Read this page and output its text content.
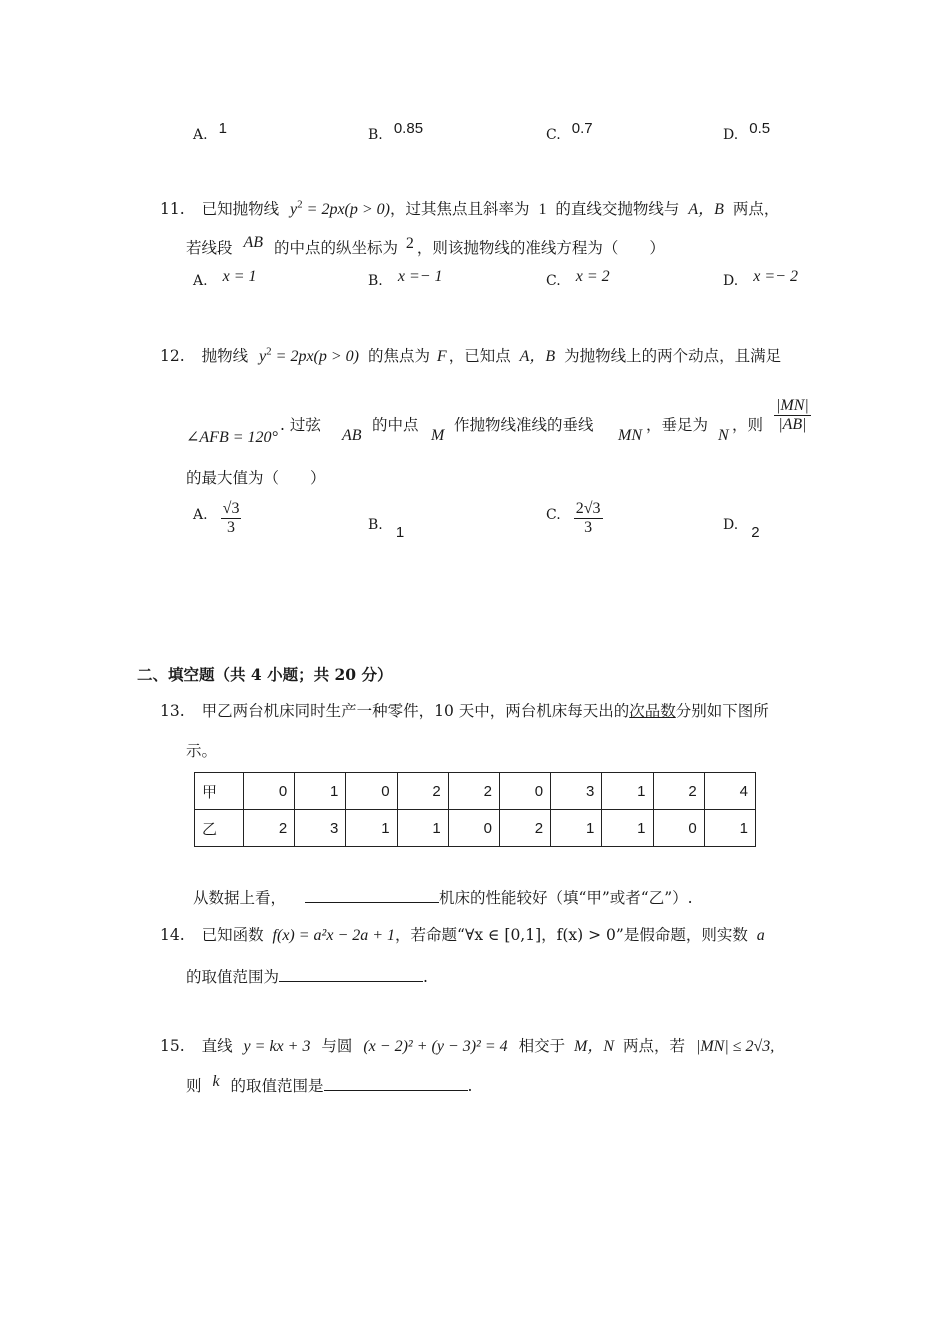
A. 1	B. 0.85	C. 0.7	D. 0.5
11. 已知抛物线 $y^2 = 2px(p > 0)$，过其焦点且斜率为 1 的直线交抛物线与 A，B 两点，
若线段 AB 的中点的纵坐标为 2 ，则该抛物线的准线方程为（　　）
A. x = 1	B. x =− 1	C. x = 2	D. x =− 2
12. 抛物线 $y^2 = 2px(p > 0)$ 的焦点为 F ，已知点 A，B 为抛物线上的两个动点，且满足
∠AFB = 120°
. 过弦
AB
的中点
M
作抛物线准线的垂线
MN
，垂足为
N
，则 $\frac{|MN|}{|AB|}$
的最大值为（　　）
A. $\frac{√3}{3}$	B. 1
C. $\frac{2√3}{3}$	D. 2
二、填空题（共 4 小题；共 20 分）
13. 甲乙两台机床同时生产一种零件，10 天中，两台机床每天出的次品数分别如下图所
示。
甲	0	1	0	2	2	0	3	1	2	4
乙	2	3	1	1	0	2	1	1	0	1
从数据上看，	机床的性能较好（填“甲”或者“乙”）.
14. 已知函数 f(x) = a²x − 2a + 1，若命题“∀x ∈ [0,1]，f(x) > 0”是假命题，则实数 a
的取值范围为	.
15. 直线 y = kx + 3 与圆 (x − 2)² + (y − 3)² = 4 相交于 M，N 两点，若 |MN| ≤ 2√3,
则 k 的取值范围是	.
